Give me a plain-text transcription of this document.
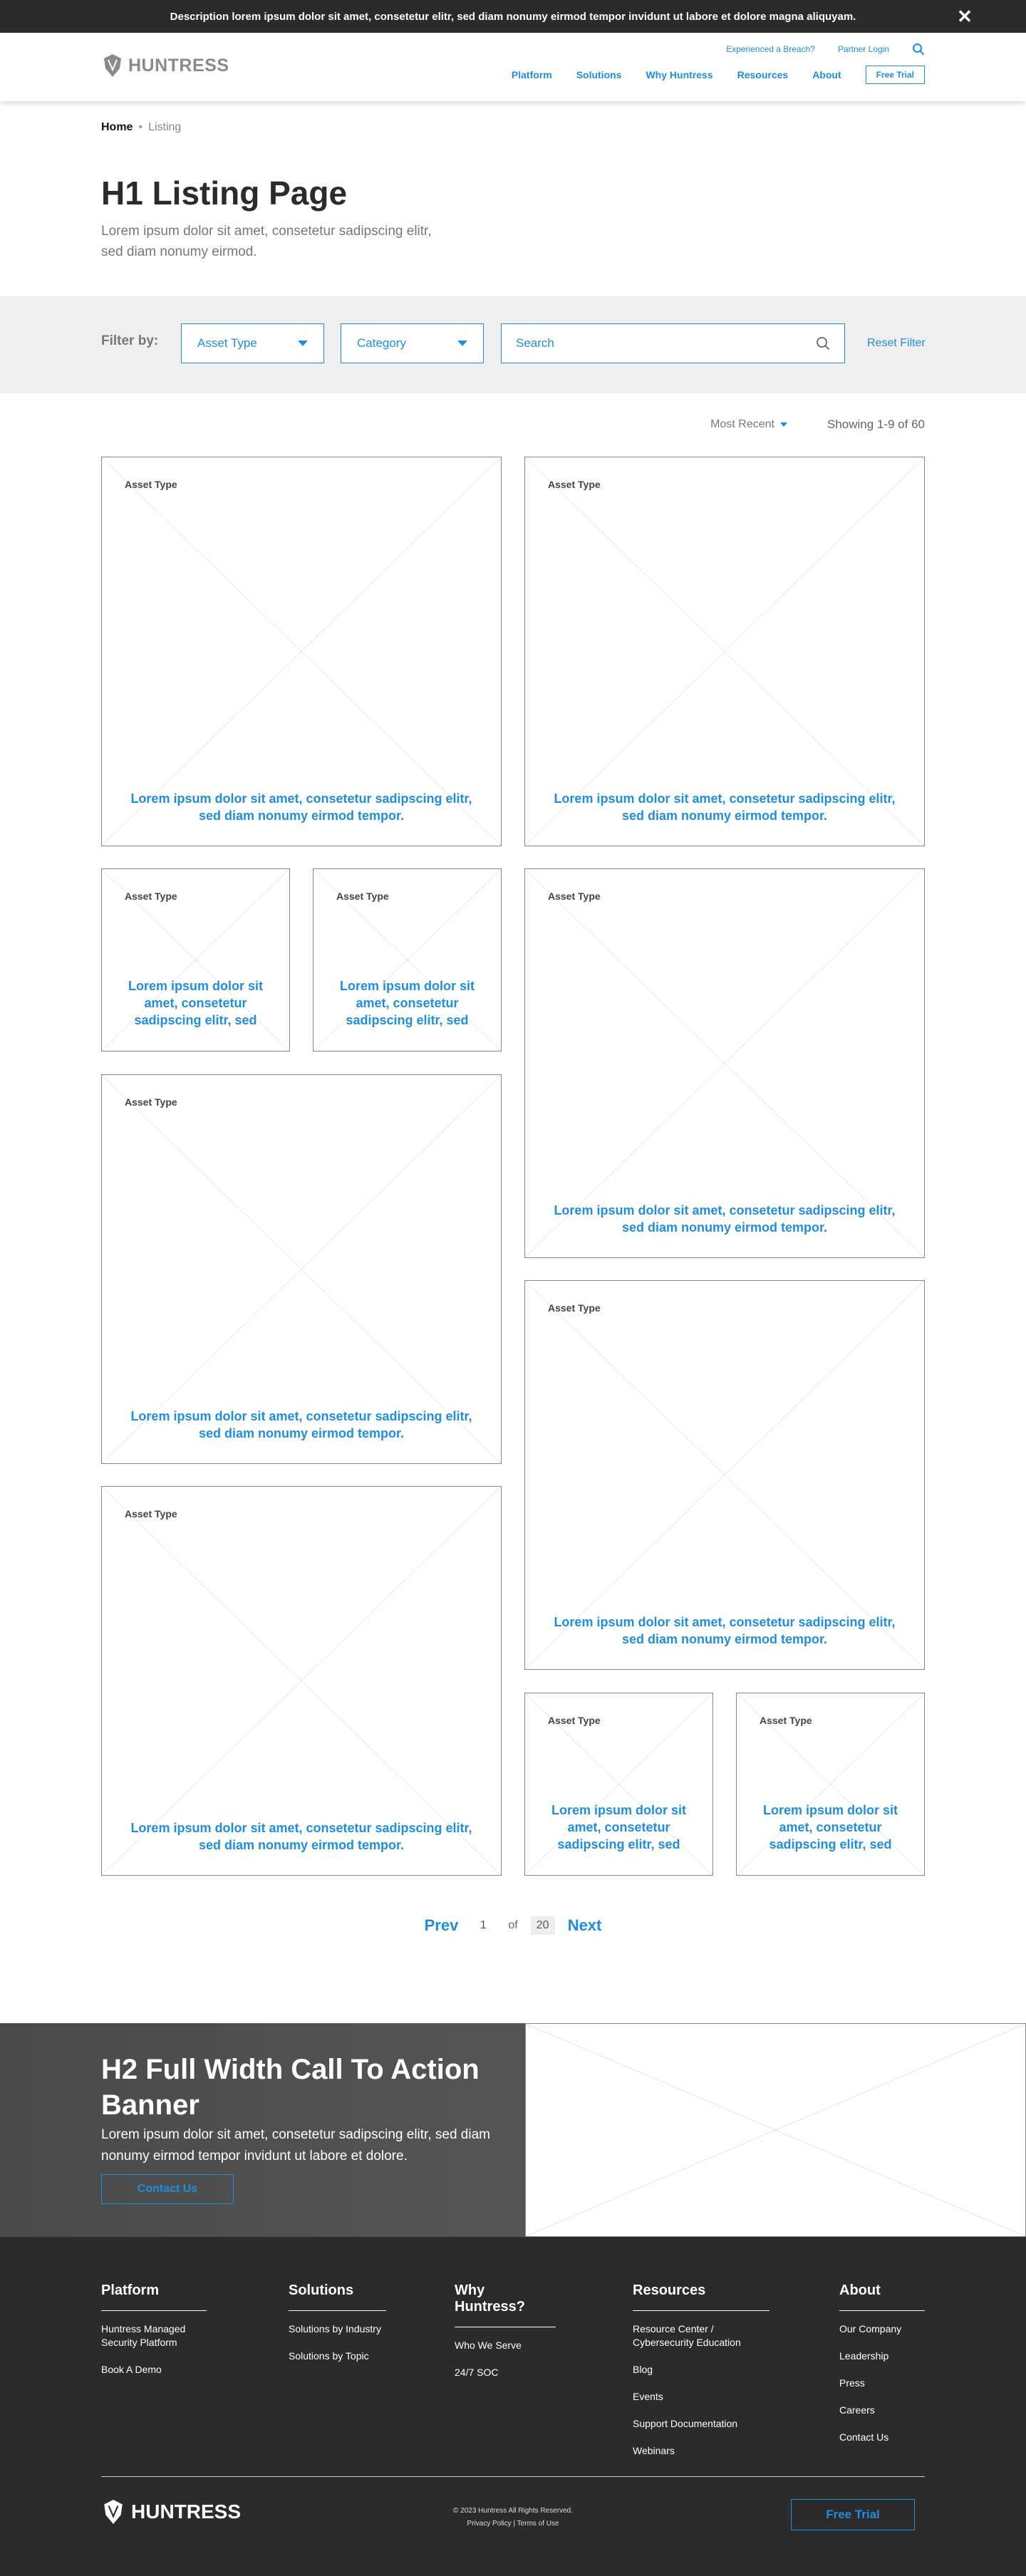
Description lorem ipsum dolor sit amet, consetetur elitr, sed diam nonumy eirmod tempor invidunt ut labore et dolore magna aliquyam.	✕
HUNTRESS
Experienced a Breach?	Partner Login
Platform Solutions Why Huntress Resources About	Free Trial
Home • Listing
H1 Listing Page

Lorem ipsum dolor sit amet, consetetur sadipscing elitr, sed diam nonumy eirmod.

Filter by:	Asset Type	Category
Search	Reset Filter
Most Recent	Showing 1-9 of 60
Asset Type
Lorem ipsum dolor sit amet, consetetur sadipscing elitr, sed diam nonumy eirmod tempor.
Asset Type
Lorem ipsum dolor sit amet, consetetur sadipscing elitr, sed diam nonumy eirmod tempor.
Asset Type
Lorem ipsum dolor sit amet, consetetur sadipscing elitr, sed
Asset Type
Lorem ipsum dolor sit amet, consetetur sadipscing elitr, sed
Asset Type
Lorem ipsum dolor sit amet, consetetur sadipscing elitr, sed diam nonumy eirmod tempor.
Asset Type
Lorem ipsum dolor sit amet, consetetur sadipscing elitr, sed diam nonumy eirmod tempor.
Asset Type
Lorem ipsum dolor sit amet, consetetur sadipscing elitr, sed diam nonumy eirmod tempor.
Asset Type
Lorem ipsum dolor sit amet, consetetur sadipscing elitr, sed diam nonumy eirmod tempor.
Asset Type
Lorem ipsum dolor sit amet, consetetur sadipscing elitr, sed
Asset Type
Lorem ipsum dolor sit amet, consetetur sadipscing elitr, sed
Prev	1	of	20	Next
H2 Full Width Call To Action Banner

Lorem ipsum dolor sit amet, consetetur sadipscing elitr, sed diam nonumy eirmod tempor invidunt ut labore et dolore.

Contact Us
Platform
Huntress Managed Security Platform
Book A Demo
Solutions
Solutions by Industry
Solutions by Topic
Why Huntress?
Who We Serve
24/7 SOC
Resources
Resource Center / Cybersecurity Education
Blog
Events
Support Documentation
Webinars
About
Our Company
Leadership
Press
Careers
Contact Us
HUNTRESS	© 2023 Huntress All Rights Reserved.
Privacy Policy | Terms of Use
Free Trial
